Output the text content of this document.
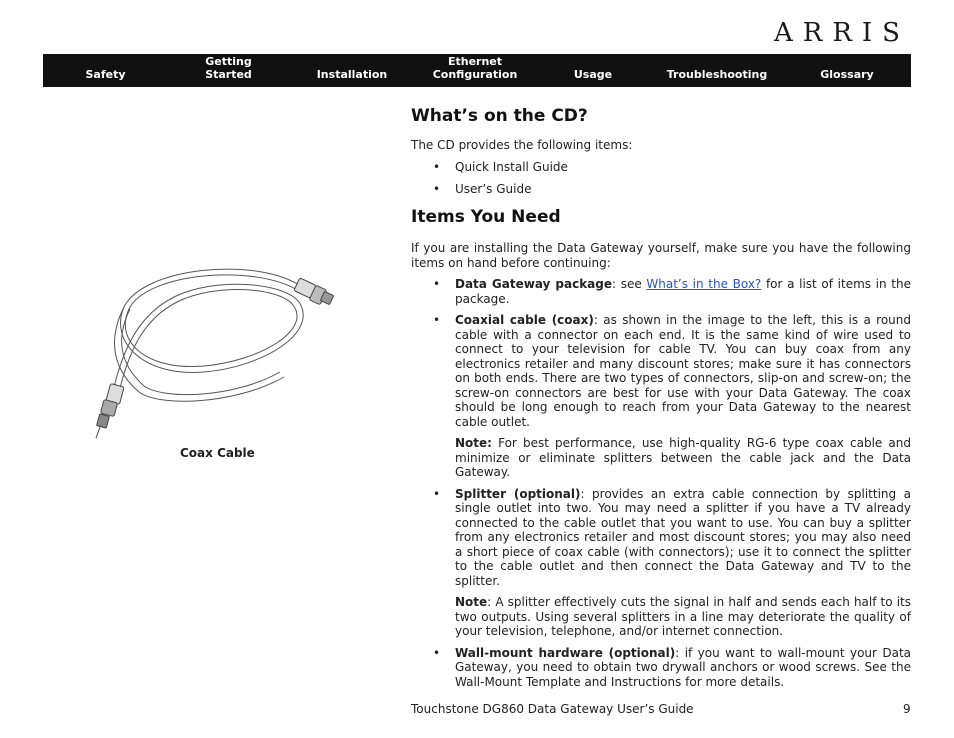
ARRIS
Safety
Getting
Started	Installation
Ethernet
Configuration	Usage	Troubleshooting	Glossary
Coax Cable
What’s on the CD?

The CD provides the following items:

• Quick Install Guide
• User’s Guide
Items You Need

If you are installing the Data Gateway yourself, make sure you have the following items on hand before continuing:

• Data Gateway package: see What’s in the Box? for a list of items in the package.
• Coaxial cable (coax): as shown in the image to the left, this is a round cable with a connector on each end. It is the same kind of wire used to connect to your television for cable TV. You can buy coax from any electronics retailer and many discount stores; make sure it has connectors on both ends. There are two types of connectors, slip-on and screw-on; the screw-on connectors are best for use with your Data Gateway. The coax should be long enough to reach from your Data Gateway to the nearest cable outlet.
Note: For best performance, use high-quality RG-6 type coax cable and minimize or eliminate splitters between the cable jack and the Data Gateway.
• Splitter (optional): provides an extra cable connection by splitting a single outlet into two. You may need a splitter if you have a TV already connected to the cable outlet that you want to use. You can buy a splitter from any electronics retailer and most discount stores; you may also need a short piece of coax cable (with connectors); use it to connect the splitter to the cable outlet and then connect the Data Gateway and TV to the splitter.
Note: A splitter effectively cuts the signal in half and sends each half to its two outputs. Using several splitters in a line may deteriorate the quality of your television, telephone, and/or internet connection.
• Wall-mount hardware (optional): if you want to wall-mount your Data Gateway, you need to obtain two drywall anchors or wood screws. See the Wall-Mount Template and Instructions for more details.
Touchstone DG860 Data Gateway User’s Guide	9
